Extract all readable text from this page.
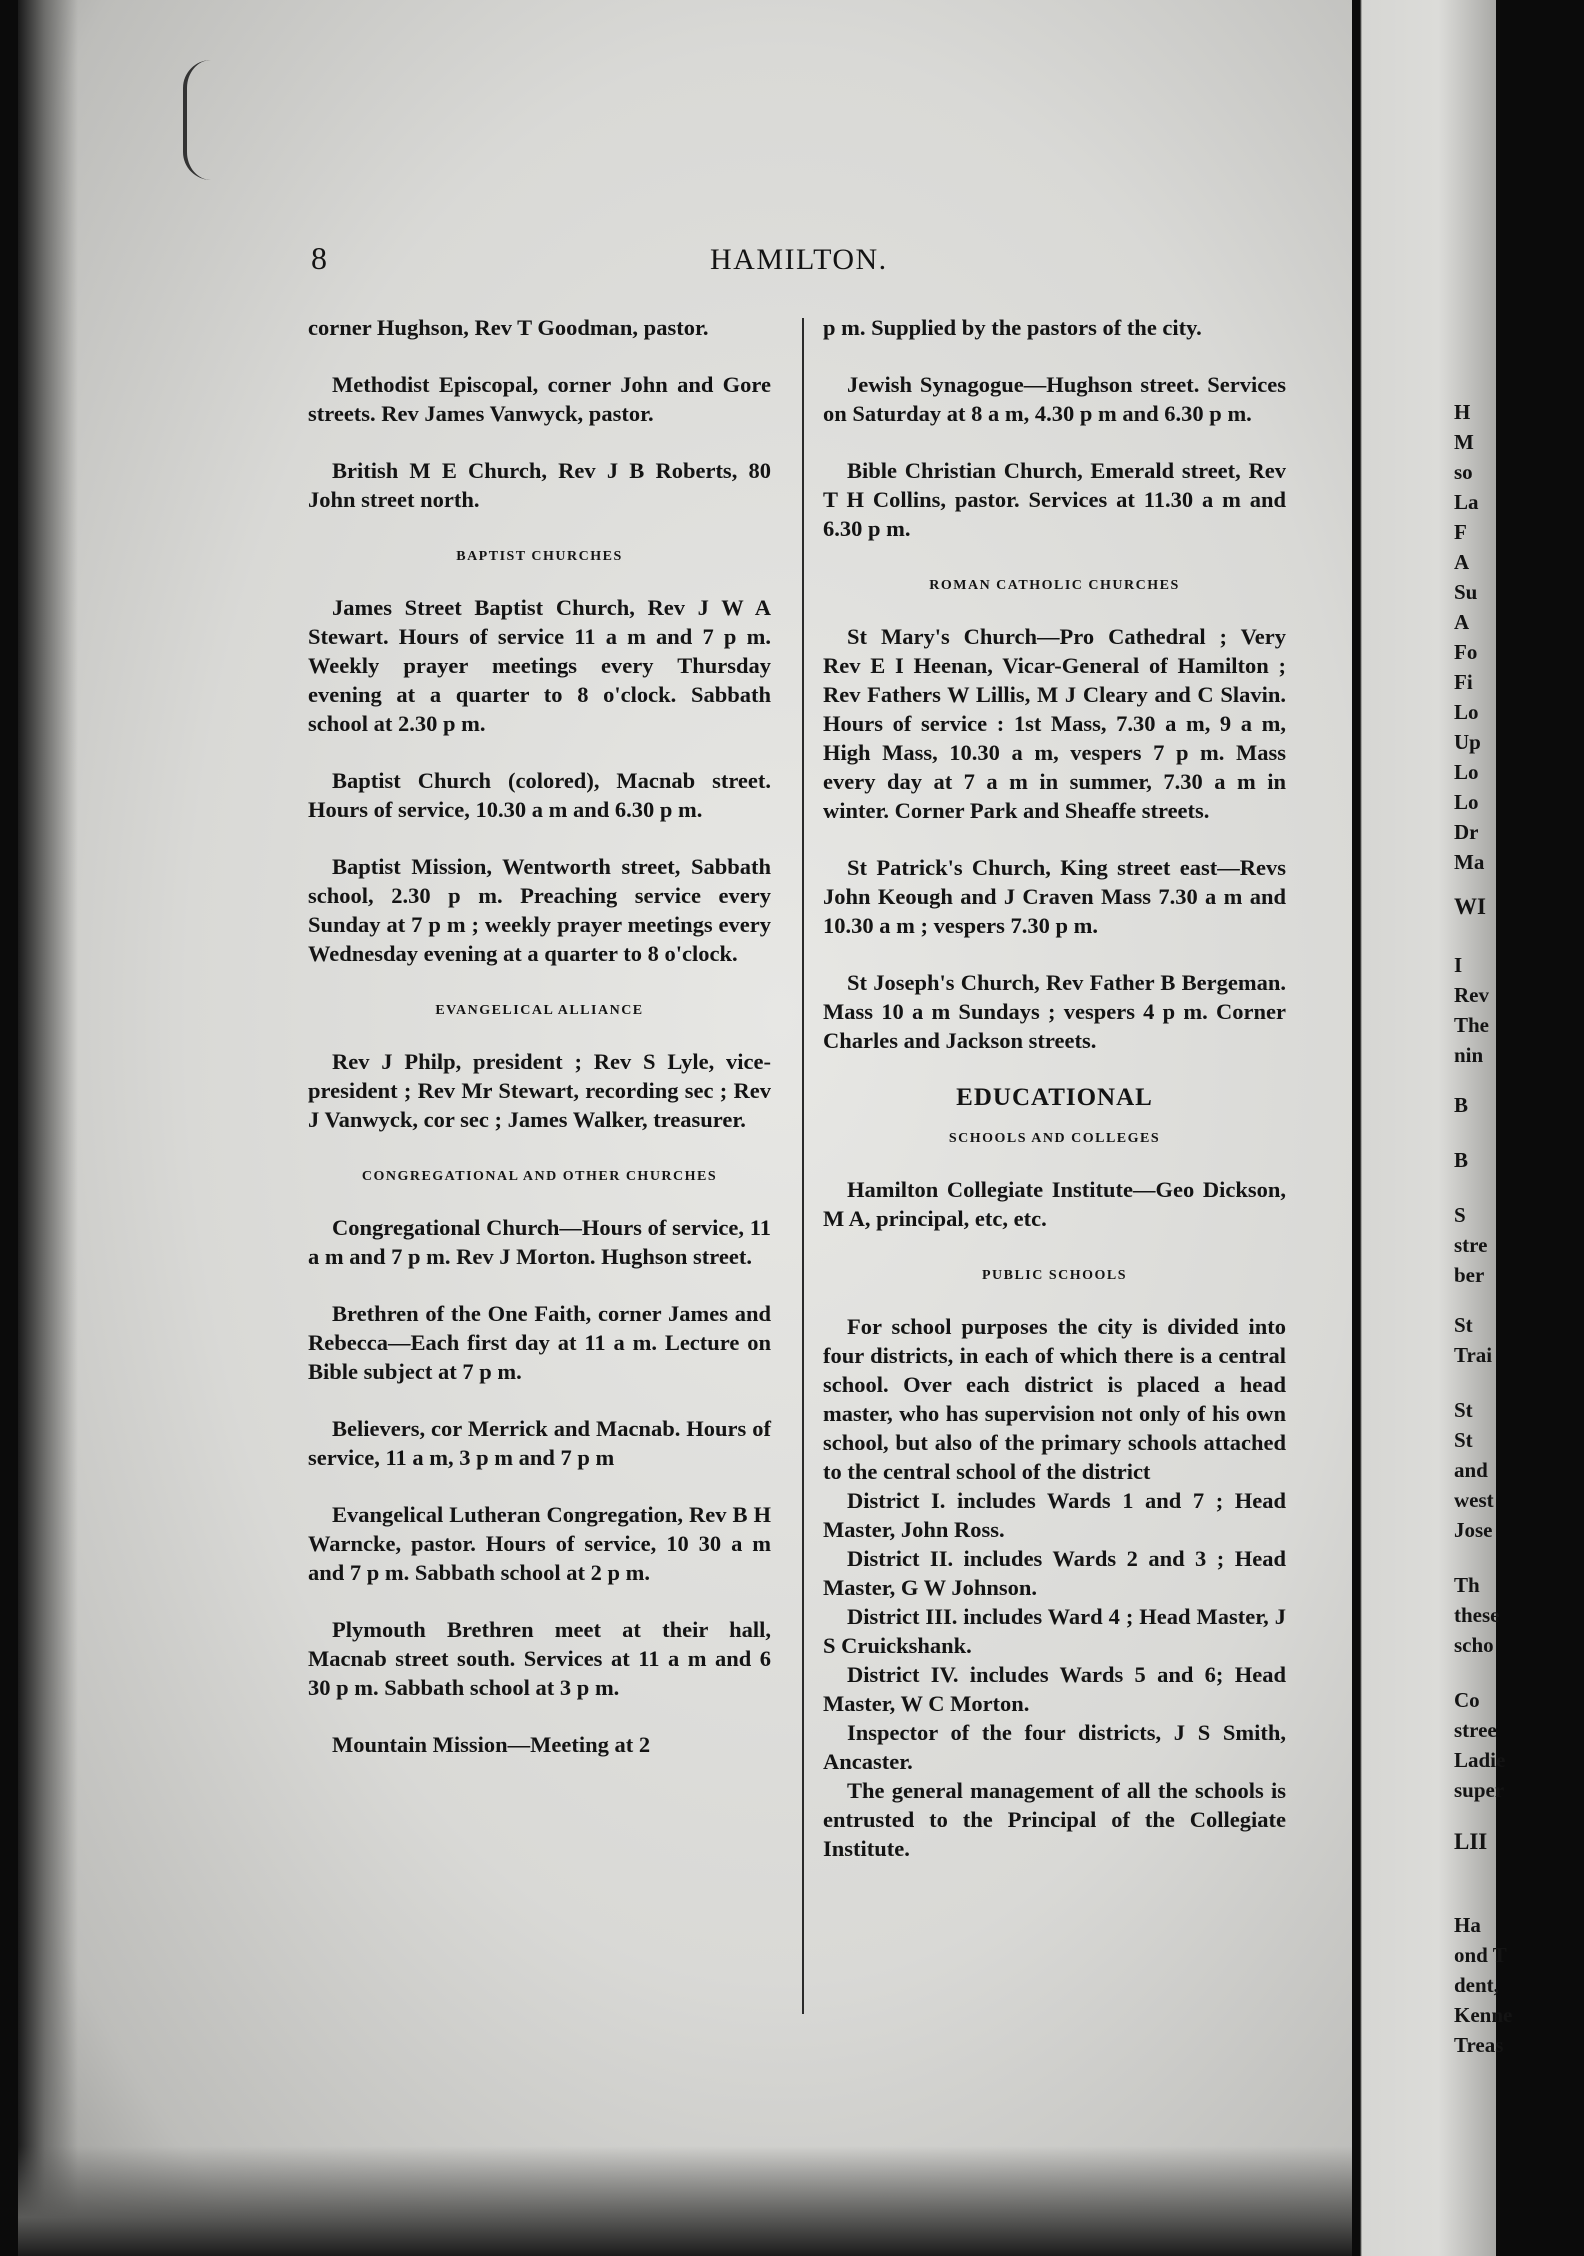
8	HAMILTON.
corner Hughson, Rev T Goodman, pastor.
Methodist Episcopal, corner John and Gore streets. Rev James Vanwyck, pastor.
British M E Church, Rev J B Roberts, 80 John street north.
BAPTIST CHURCHES
James Street Baptist Church, Rev J W A Stewart. Hours of service 11 a m and 7 p m. Weekly prayer meetings every Thursday evening at a quarter to 8 o'clock. Sabbath school at 2.30 p m.
Baptist Church (colored), Macnab street. Hours of service, 10.30 a m and 6.30 p m.
Baptist Mission, Wentworth street, Sabbath school, 2.30 p m. Preaching service every Sunday at 7 p m ; weekly prayer meetings every Wednesday evening at a quarter to 8 o'clock.
EVANGELICAL ALLIANCE
Rev J Philp, president ; Rev S Lyle, vice-president ; Rev Mr Stewart, recording sec ; Rev J Vanwyck, cor sec ; James Walker, treasurer.
CONGREGATIONAL AND OTHER CHURCHES
Congregational Church—Hours of service, 11 a m and 7 p m. Rev J Morton. Hughson street.
Brethren of the One Faith, corner James and Rebecca—Each first day at 11 a m. Lecture on Bible subject at 7 p m.
Believers, cor Merrick and Macnab. Hours of service, 11 a m, 3 p m and 7 p m
Evangelical Lutheran Congregation, Rev B H Warncke, pastor. Hours of service, 10 30 a m and 7 p m. Sabbath school at 2 p m.
Plymouth Brethren meet at their hall, Macnab street south. Services at 11 a m and 6 30 p m. Sabbath school at 3 p m.
Mountain Mission—Meeting at 2
p m. Supplied by the pastors of the city.
Jewish Synagogue—Hughson street. Services on Saturday at 8 a m, 4.30 p m and 6.30 p m.
Bible Christian Church, Emerald street, Rev T H Collins, pastor. Services at 11.30 a m and 6.30 p m.
ROMAN CATHOLIC CHURCHES
St Mary's Church—Pro Cathedral ; Very Rev E I Heenan, Vicar-General of Hamilton ; Rev Fathers W Lillis, M J Cleary and C Slavin. Hours of service : 1st Mass, 7.30 a m, 9 a m, High Mass, 10.30 a m, vespers 7 p m. Mass every day at 7 a m in summer, 7.30 a m in winter. Corner Park and Sheaffe streets.
St Patrick's Church, King street east—Revs John Keough and J Craven Mass 7.30 a m and 10.30 a m ; vespers 7.30 p m.
St Joseph's Church, Rev Father B Bergeman. Mass 10 a m Sundays ; vespers 4 p m. Corner Charles and Jackson streets.
EDUCATIONAL
SCHOOLS AND COLLEGES
Hamilton Collegiate Institute—Geo Dickson, M A, principal, etc, etc.
PUBLIC SCHOOLS
For school purposes the city is divided into four districts, in each of which there is a central school. Over each district is placed a head master, who has supervision not only of his own school, but also of the primary schools attached to the central school of the district
District I. includes Wards 1 and 7 ; Head Master, John Ross.
District II. includes Wards 2 and 3 ; Head Master, G W Johnson.
District III. includes Ward 4 ; Head Master, J S Cruickshank.
District IV. includes Wards 5 and 6; Head Master, W C Morton.
Inspector of the four districts, J S Smith, Ancaster.
The general management of all the schools is entrusted to the Principal of the Collegiate Institute.
H
M
so
La
F
A
Su
A
Fo
Fi
Lo
Up
Lo
Lo
Dr
Ma
WI
I
Rev
The
nin
B
B
S
stre
ber
St
Trai
St
St
and
west
Jose
Th
these
scho
Co
stree
Ladie
super
LII
Ha
ond T
dent,
Kenne
Treas
